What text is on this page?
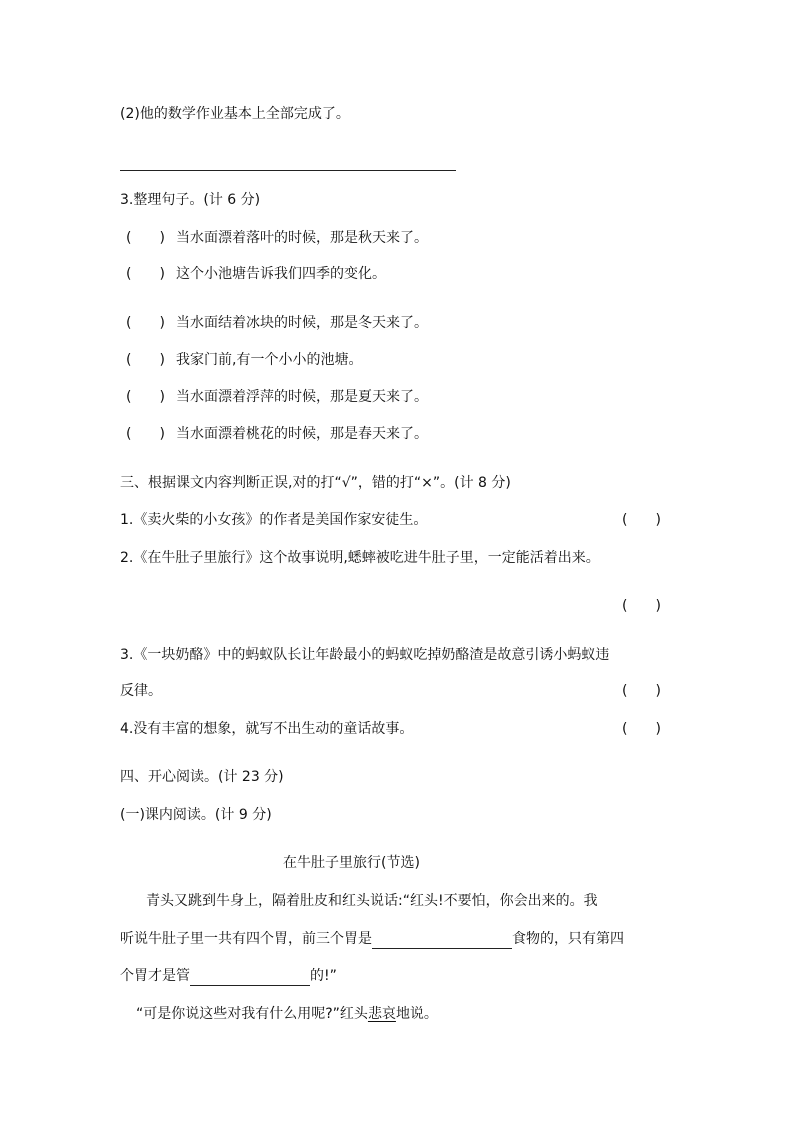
(2)他的数学作业基本上全部完成了。
3.整理句子。(计 6 分)
(　　) 当水面漂着落叶的时候，那是秋天来了。
(　　) 这个小池塘告诉我们四季的变化。
(　　) 当水面结着冰块的时候，那是冬天来了。
(　　) 我家门前,有一个小小的池塘。
(　　) 当水面漂着浮萍的时候，那是夏天来了。
(　　) 当水面漂着桃花的时候，那是春天来了。
三、根据课文内容判断正误,对的打“√”，错的打“×”。(计 8 分)
1.《卖火柴的小女孩》的作者是美国作家安徒生。	(　　)
2.《在牛肚子里旅行》这个故事说明,蟋蟀被吃进牛肚子里，一定能活着出来。
(　　)
3.《一块奶酪》中的蚂蚁队长让年龄最小的蚂蚁吃掉奶酪渣是故意引诱小蚂蚁违
反律。	(　　)
4.没有丰富的想象，就写不出生动的童话故事。	(　　)
四、开心阅读。(计 23 分)
(一)课内阅读。(计 9 分)
在牛肚子里旅行(节选)
青头又跳到牛身上，隔着肚皮和红头说话:“红头!不要怕，你会出来的。我
听说牛肚子里一共有四个胃，前三个胃是	食物的，只有第四
个胃才是管	的!”
“可是你说这些对我有什么用呢?”红头悲哀地说。
